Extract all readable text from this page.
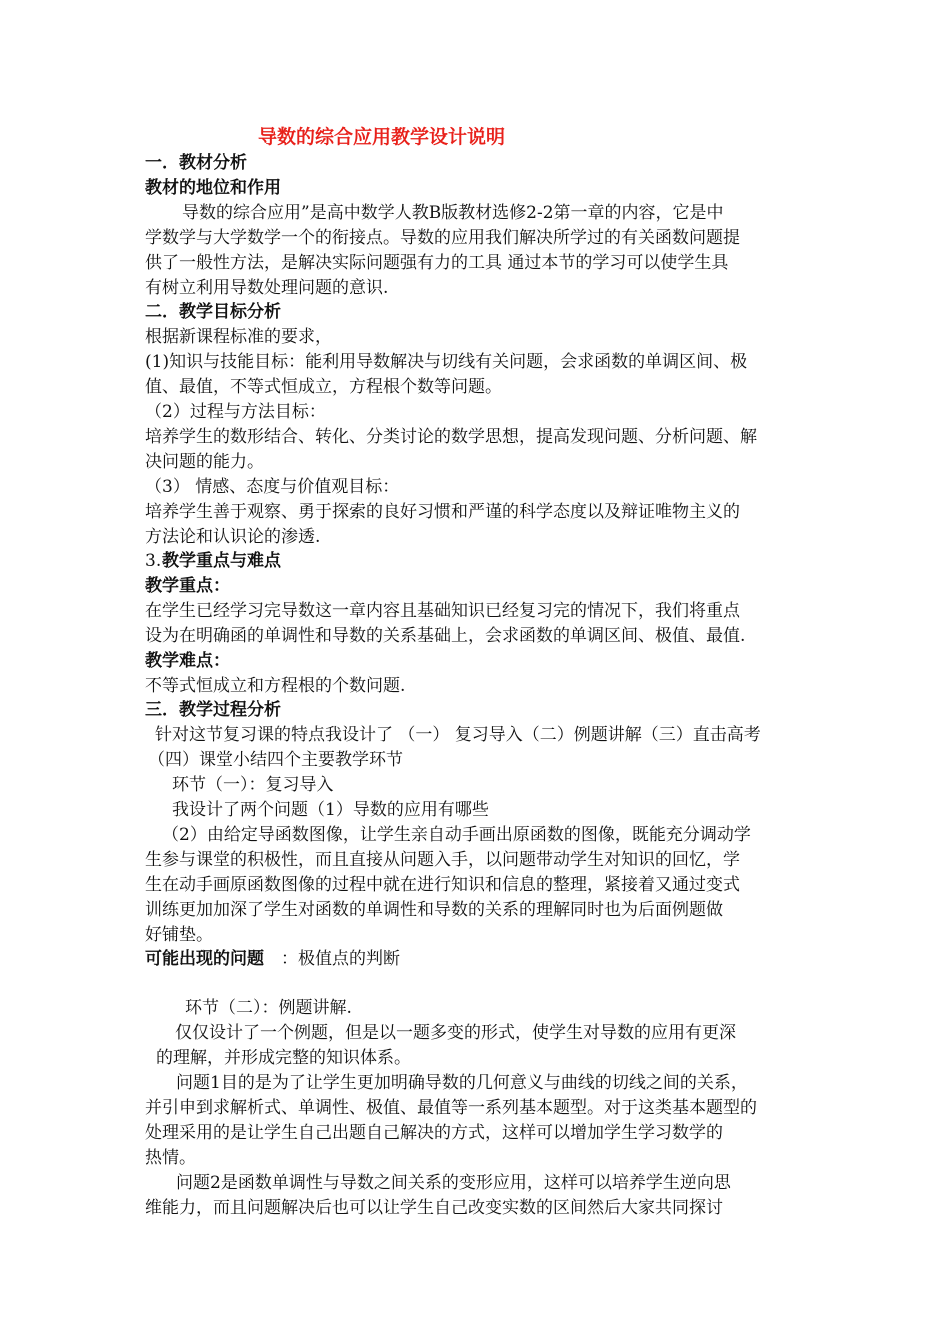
导数的综合应用教学设计说明
一．教材分析
教材的地位和作用
导数的综合应用”是高中数学人教B版教材选修2-2第一章的内容，它是中
学数学与大学数学一个的衔接点。导数的应用我们解决所学过的有关函数问题提
供了一般性方法，是解决实际问题强有力的工具 通过本节的学习可以使学生具
有树立利用导数处理问题的意识.
二．教学目标分析
根据新课程标准的要求，
(1)知识与技能目标：能利用导数解决与切线有关问题，会求函数的单调区间、极
值、最值，不等式恒成立，方程根个数等问题。
（2）过程与方法目标：
培养学生的数形结合、转化、分类讨论的数学思想，提高发现问题、分析问题、解
决问题的能力。
（3） 情感、态度与价值观目标：
培养学生善于观察、勇于探索的良好习惯和严谨的科学态度以及辩证唯物主义的
方法论和认识论的渗透.
3. 教学重点与难点
教学重点：
在学生已经学习完导数这一章内容且基础知识已经复习完的情况下，我们将重点
设为在明确函的单调性和导数的关系基础上，会求函数的单调区间、极值、最值.
教学难点：
不等式恒成立和方程根的个数问题.
三．教学过程分析
针对这节复习课的特点我设计了 （一） 复习导入（二）例题讲解（三）直击高考
（四）课堂小结四个主要教学环节
环节（一）：复习导入
我设计了两个问题（1）导数的应用有哪些
（2）由给定导函数图像，让学生亲自动手画出原函数的图像，既能充分调动学
生参与课堂的积极性，而且直接从问题入手，以问题带动学生对知识的回忆，学
生在动手画原函数图像的过程中就在进行知识和信息的整理，紧接着又通过变式
训练更加加深了学生对函数的单调性和导数的关系的理解同时也为后面例题做
好铺垫。
可能出现的问题 ：极值点的判断
环节（二）：例题讲解.
仅仅设计了一个例题，但是以一题多变的形式，使学生对导数的应用有更深
的理解，并形成完整的知识体系。
问题1目的是为了让学生更加明确导数的几何意义与曲线的切线之间的关系，
并引申到求解析式、单调性、极值、最值等一系列基本题型。对于这类基本题型的
处理采用的是让学生自己出题自己解决的方式，这样可以增加学生学习数学的
热情。
问题2是函数单调性与导数之间关系的变形应用，这样可以培养学生逆向思
维能力，而且问题解决后也可以让学生自己改变实数的区间然后大家共同探讨
